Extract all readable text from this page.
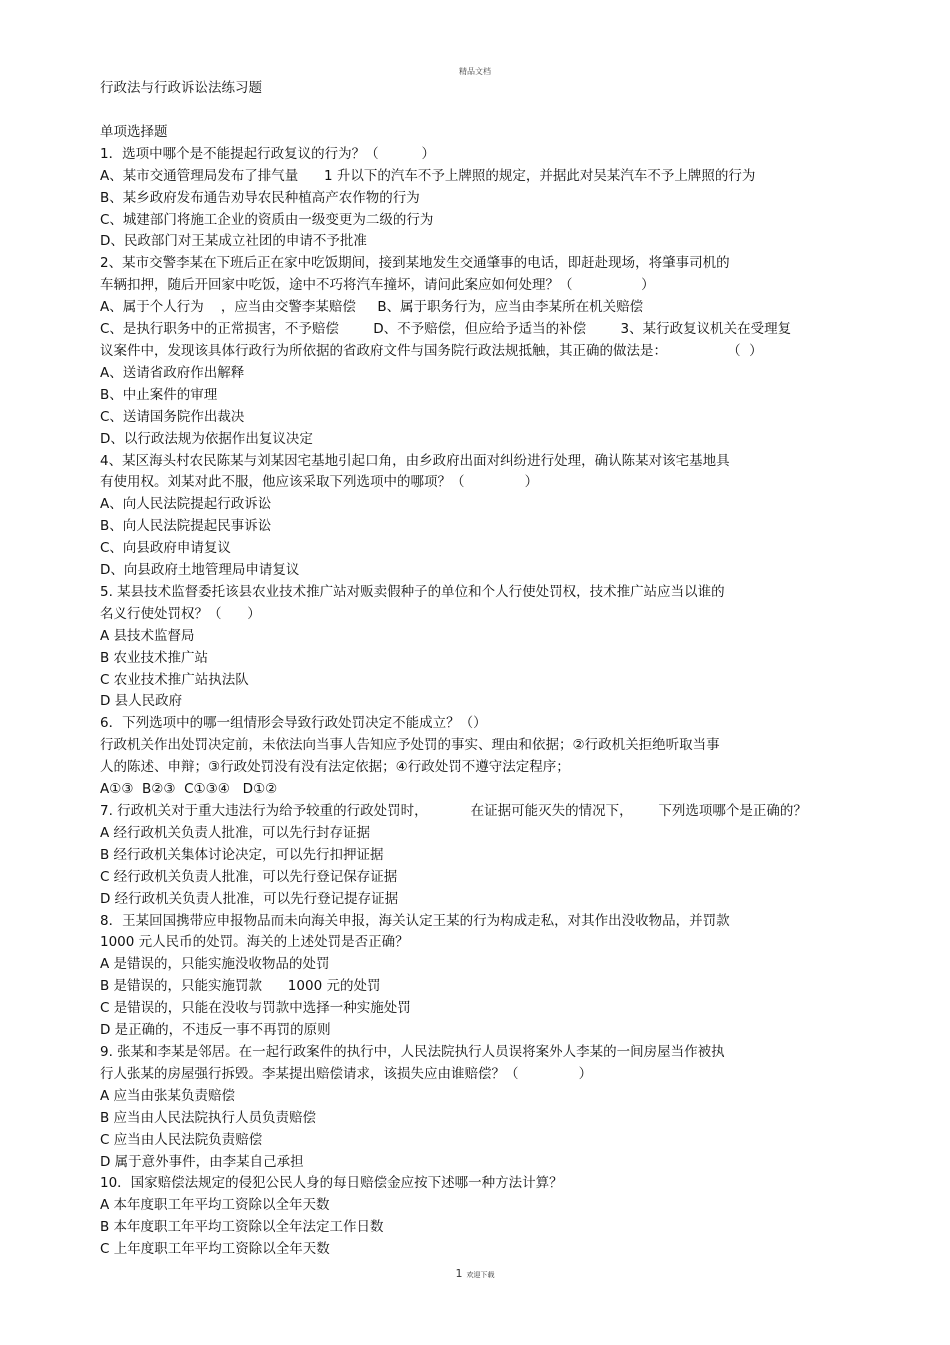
精品文档
行政法与行政诉讼法练习题
单项选择题
1．选项中哪个是不能提起行政复议的行为？（          ）
A、某市交通管理局发布了排气量      1 升以下的汽车不予上牌照的规定，并据此对吴某汽车不予上牌照的行为
B、某乡政府发布通告劝导农民种植高产农作物的行为
C、城建部门将施工企业的资质由一级变更为二级的行为
D、民政部门对王某成立社团的申请不予批准
2、某市交警李某在下班后正在家中吃饭期间，接到某地发生交通肇事的电话，即赶赴现场，将肇事司机的
车辆扣押，随后开回家中吃饭，途中不巧将汽车撞坏，请问此案应如何处理？（                ）
A、属于个人行为    ，应当由交警李某赔偿     B、属于职务行为，应当由李某所在机关赔偿
C、是执行职务中的正常损害，不予赔偿        D、不予赔偿，但应给予适当的补偿        3、某行政复议机关在受理复
议案件中，发现该具体行政行为所依据的省政府文件与国务院行政法规抵触，其正确的做法是：              （  ）
A、送请省政府作出解释
B、中止案件的审理
C、送请国务院作出裁决
D、以行政法规为依据作出复议决定
4、某区海头村农民陈某与刘某因宅基地引起口角，由乡政府出面对纠纷进行处理，确认陈某对该宅基地具
有使用权。刘某对此不服，他应该采取下列选项中的哪项？（              ）
A、向人民法院提起行政诉讼
B、向人民法院提起民事诉讼
C、向县政府申请复议
D、向县政府土地管理局申请复议
5. 某县技术监督委托该县农业技术推广站对贩卖假种子的单位和个人行使处罚权，技术推广站应当以谁的
名义行使处罚权？（      ）
A 县技术监督局
B 农业技术推广站
C 农业技术推广站执法队
D 县人民政府
6．下列选项中的哪一组情形会导致行政处罚决定不能成立？（）
行政机关作出处罚决定前，未依法向当事人告知应予处罚的事实、理由和依据；②行政机关拒绝听取当事
人的陈述、申辩；③行政处罚没有没有法定依据；④行政处罚不遵守法定程序；
A①③  B②③  C①③④   D①②
7. 行政机关对于重大违法行为给予较重的行政处罚时，          在证据可能灭失的情况下，      下列选项哪个是正确的？
A 经行政机关负责人批准，可以先行封存证据
B 经行政机关集体讨论决定，可以先行扣押证据
C 经行政机关负责人批准，可以先行登记保存证据
D 经行政机关负责人批准，可以先行登记提存证据
8．王某回国携带应申报物品而未向海关申报，海关认定王某的行为构成走私，对其作出没收物品，并罚款
1000 元人民币的处罚。海关的上述处罚是否正确？
A 是错误的，只能实施没收物品的处罚
B 是错误的，只能实施罚款      1000 元的处罚
C 是错误的，只能在没收与罚款中选择一种实施处罚
D 是正确的，不违反一事不再罚的原则
9. 张某和李某是邻居。在一起行政案件的执行中，人民法院执行人员误将案外人李某的一间房屋当作被执
行人张某的房屋强行拆毁。李某提出赔偿请求，该损失应由谁赔偿？（              ）
A 应当由张某负责赔偿
B 应当由人民法院执行人员负责赔偿
C 应当由人民法院负责赔偿
D 属于意外事件，由李某自己承担
10．国家赔偿法规定的侵犯公民人身的每日赔偿金应按下述哪一种方法计算？
A 本年度职工年平均工资除以全年天数
B 本年度职工年平均工资除以全年法定工作日数
C 上年度职工年平均工资除以全年天数
1 欢迎下载
